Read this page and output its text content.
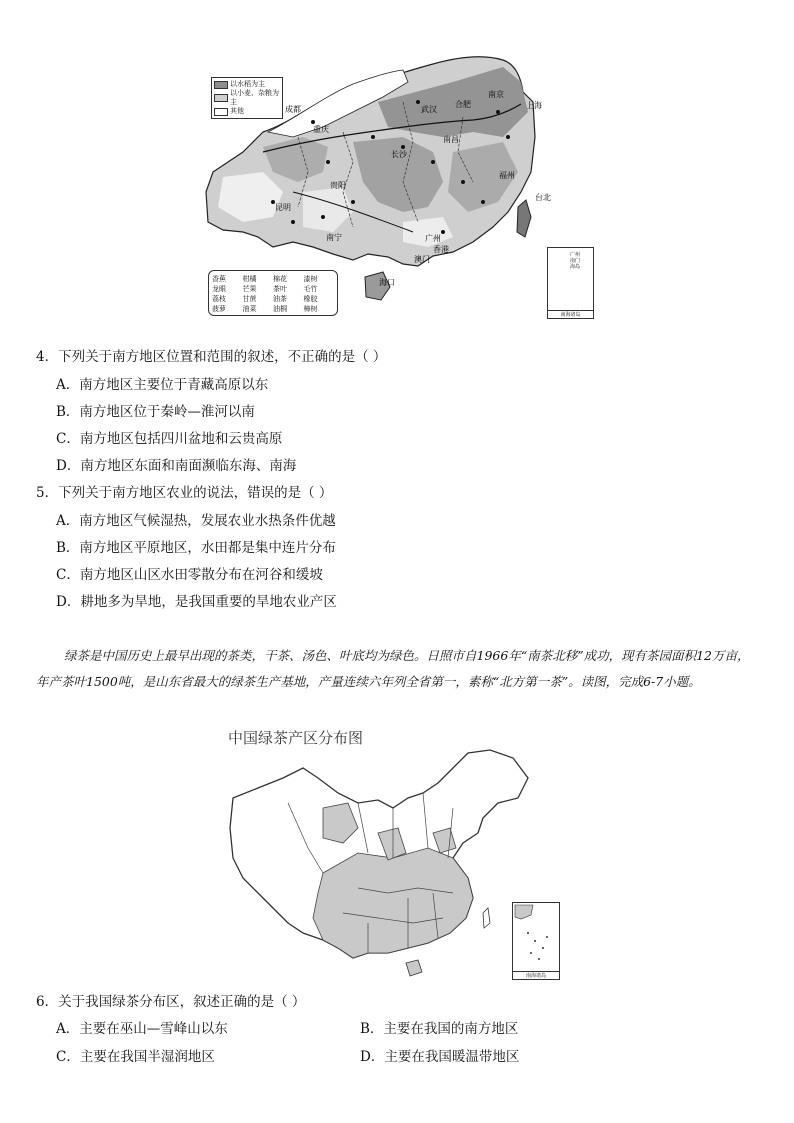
以水稻为主
以小麦、杂粮为主
其他
香蕉	柑橘	棉花	漆树
龙眼	芒果	茶叶	毛竹
荔枝	甘蔗	油茶	橡胶
菠萝	油菜	油桐	樟树
广州
南门
海岛
南海诸岛
成都
重庆
武汉
合肥
南京
上海
长沙
南昌
贵阳
福州
昆明
台北
南宁	广州
香港
澳门
海口
4．下列关于南方地区位置和范围的叙述，不正确的是（ ）
A．南方地区主要位于青藏高原以东
B．南方地区位于秦岭—淮河以南
C．南方地区包括四川盆地和云贵高原
D．南方地区东面和南面濒临东海、南海
5．下列关于南方地区农业的说法，错误的是（ ）
A．南方地区气候湿热，发展农业水热条件优越
B．南方地区平原地区，水田都是集中连片分布
C．南方地区山区水田零散分布在河谷和缓坡
D．耕地多为旱地，是我国重要的旱地农业产区
绿茶是中国历史上最早出现的茶类，干茶、汤色、叶底均为绿色。日照市自1966年“南茶北移”成功，现有茶园面积12万亩，年产茶叶1500吨，是山东省最大的绿茶生产基地，产量连续六年列全省第一，素称“北方第一茶”。读图，完成6-7小题。
中国绿茶产区分布图
南海诸岛
6．关于我国绿茶分布区，叙述正确的是（ ）
A．主要在巫山—雪峰山以东	B．主要在我国的南方地区
C．主要在我国半湿润地区	D．主要在我国暖温带地区
